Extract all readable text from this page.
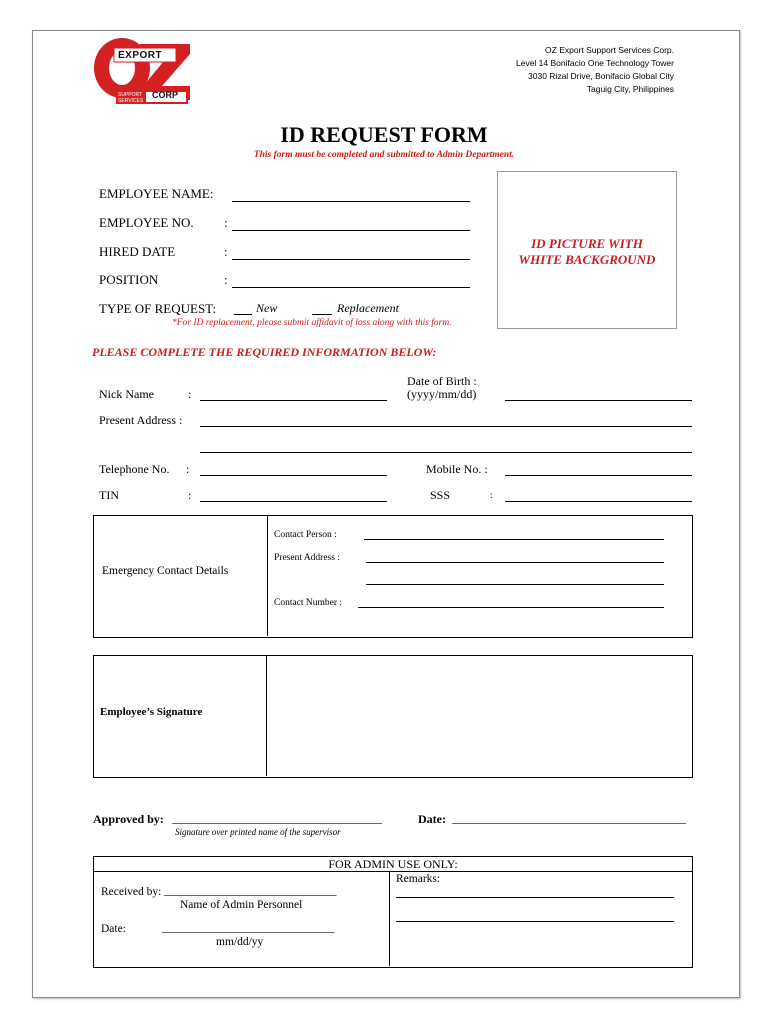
EXPORT
SUPPORT
SERVICES
CORP
OZ Export Support Services Corp.
Level 14 Bonifacio One Technology Tower
3030 Rizal Drive, Bonifacio Global City
Taguig City, Philippines
ID REQUEST FORM
This form must be completed and submitted to Admin Department.
EMPLOYEE NAME:
EMPLOYEE NO. :
HIRED DATE	:
POSITION	:
TYPE OF REQUEST:	New	Replacement
*For ID replacement, please submit affidavit of loss along with this form.
ID PICTURE WITH
WHITE BACKGROUND
PLEASE COMPLETE THE REQUIRED INFORMATION BELOW:
Nick Name	:
Date of Birth :
(yyyy/mm/dd)
Present Address :
Telephone No. :	Mobile No. :
TIN	:	SSS	:
Emergency Contact Details
Contact Person :
Present Address :
Contact Number :
Employee’s Signature
Approved by: ___________________________________
Signature over printed name of the supervisor
Date: _______________________________________
FOR ADMIN USE ONLY:
Received by: ______________________________
Name of Admin Personnel
Date:	______________________________
mm/dd/yy
Remarks:
